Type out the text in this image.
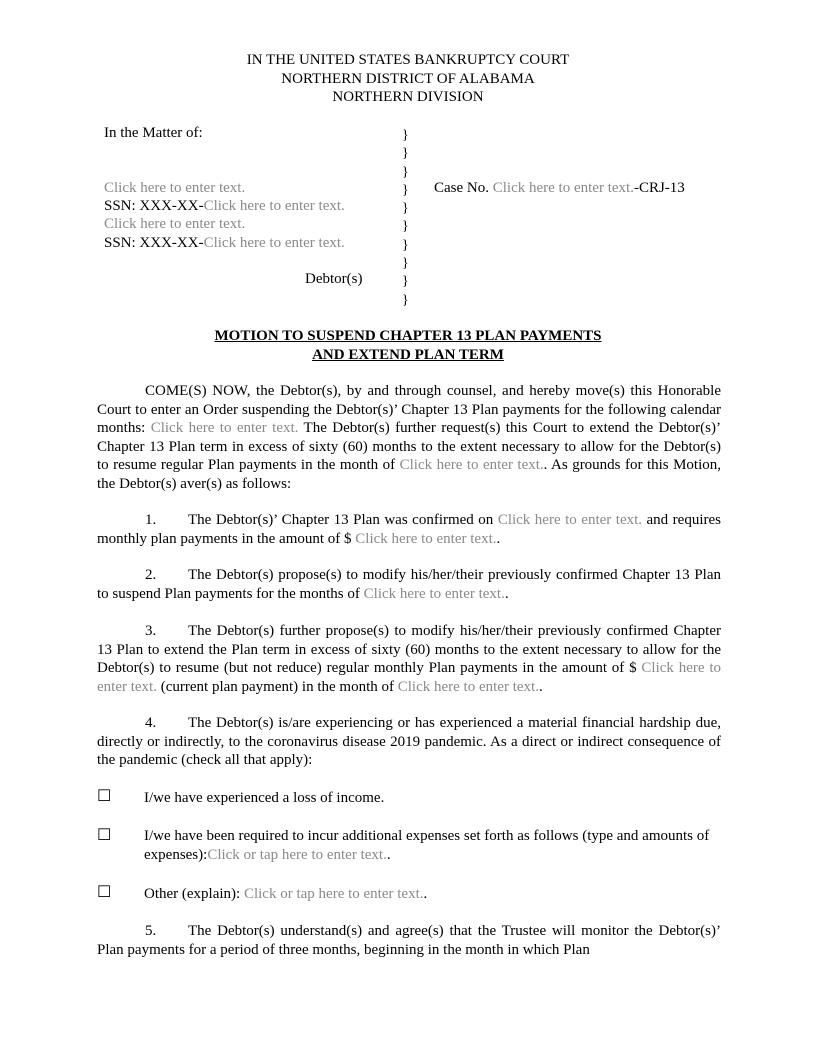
IN THE UNITED STATES BANKRUPTCY COURT
NORTHERN DISTRICT OF ALABAMA
NORTHERN DIVISION
In the Matter of:
Click here to enter text.
SSN: XXX-XX-Click here to enter text.
Click here to enter text.
SSN: XXX-XX-Click here to enter text.
Debtor(s)
}
}
}
}
}
}
}
}
}
}
Case No. Click here to enter text.-CRJ-13
MOTION TO SUSPEND CHAPTER 13 PLAN PAYMENTS
AND EXTEND PLAN TERM

COME(S) NOW, the Debtor(s), by and through counsel, and hereby move(s) this Honorable Court to enter an Order suspending the Debtor(s)’ Chapter 13 Plan payments for the following calendar months: Click here to enter text. The Debtor(s) further request(s) this Court to extend the Debtor(s)’ Chapter 13 Plan term in excess of sixty (60) months to the extent necessary to allow for the Debtor(s) to resume regular Plan payments in the month of Click here to enter text.. As grounds for this Motion, the Debtor(s) aver(s) as follows:

1. The Debtor(s)’ Chapter 13 Plan was confirmed on Click here to enter text. and requires monthly plan payments in the amount of $ Click here to enter text..

2. The Debtor(s) propose(s) to modify his/her/their previously confirmed Chapter 13 Plan to suspend Plan payments for the months of Click here to enter text..

3. The Debtor(s) further propose(s) to modify his/her/their previously confirmed Chapter 13 Plan to extend the Plan term in excess of sixty (60) months to the extent necessary to allow for the Debtor(s) to resume (but not reduce) regular monthly Plan payments in the amount of $ Click here to enter text. (current plan payment) in the month of Click here to enter text..

4. The Debtor(s) is/are experiencing or has experienced a material financial hardship due, directly or indirectly, to the coronavirus disease 2019 pandemic. As a direct or indirect consequence of the pandemic (check all that apply):

☐ I/we have experienced a loss of income.
☐ I/we have been required to incur additional expenses set forth as follows (type and amounts of expenses):Click or tap here to enter text..
☐ Other (explain): Click or tap here to enter text..

5. The Debtor(s) understand(s) and agree(s) that the Trustee will monitor the Debtor(s)’ Plan payments for a period of three months, beginning in the month in which Plan
